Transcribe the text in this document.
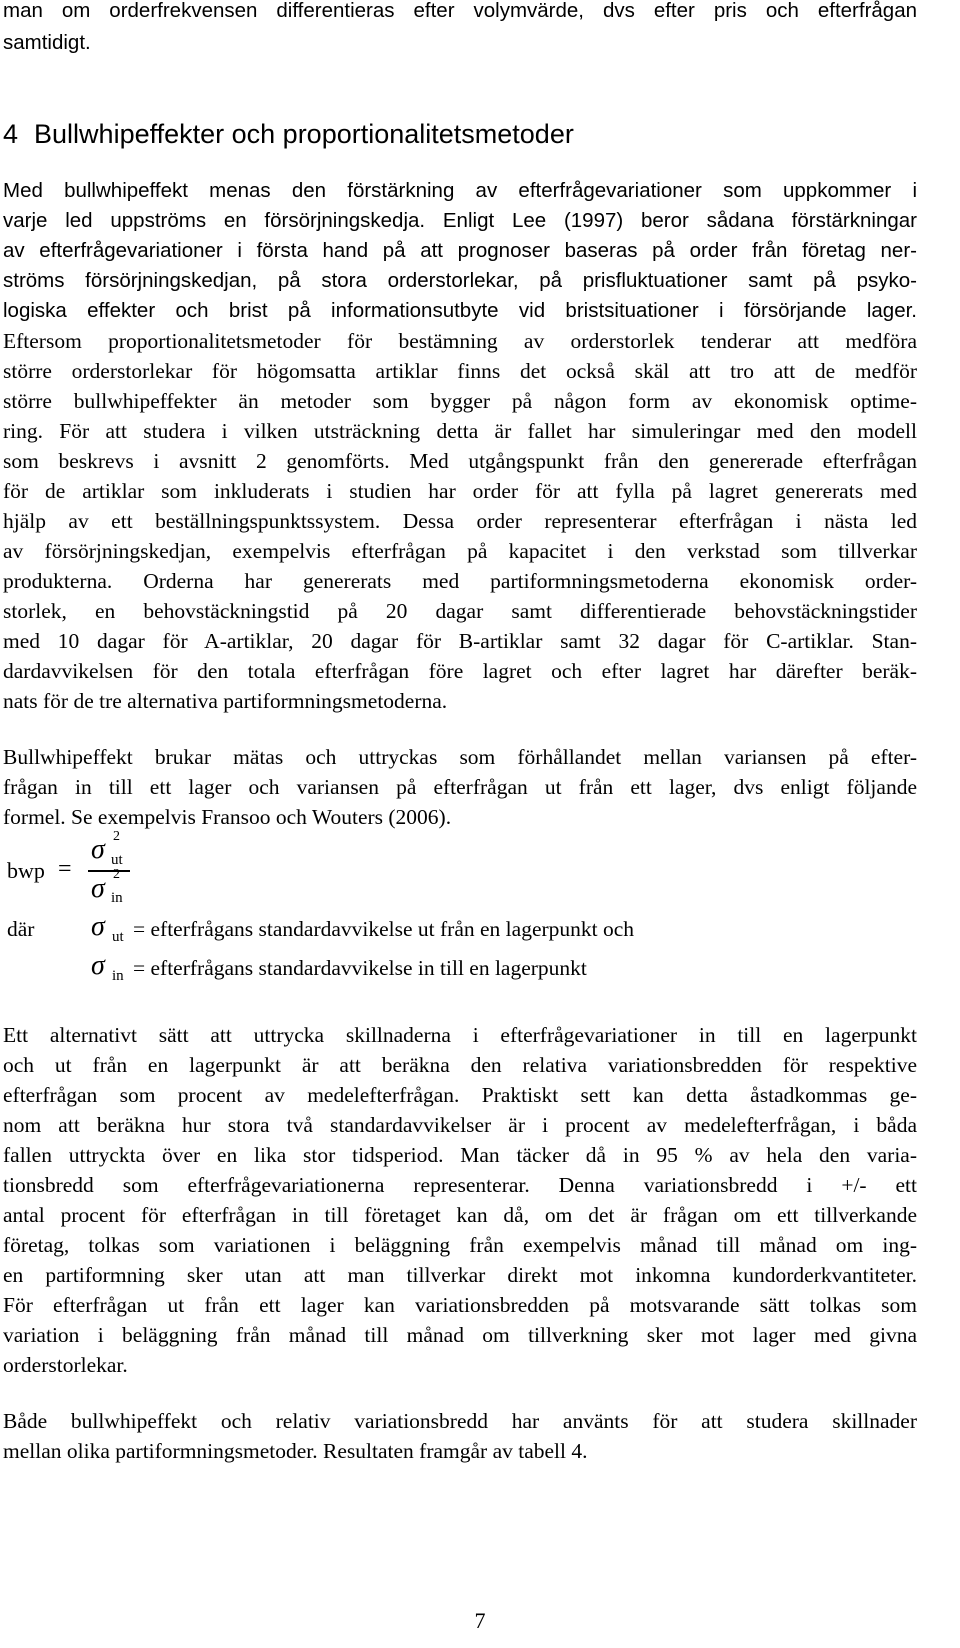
man om orderfrekvensen differentieras efter volymvärde, dvs efter pris och efterfrågan
samtidigt.
4 Bullwhipeffekter och proportionalitetsmetoder
Med bullwhipeffekt menas den förstärkning av efterfrågevariationer som uppkommer i
varje led uppströms en försörjningskedja. Enligt Lee (1997) beror sådana förstärkningar
av efterfrågevariationer i första hand på att prognoser baseras på order från företag ner-
ströms försörjningskedjan, på stora orderstorlekar, på prisfluktuationer samt på psyko-
logiska effekter och brist på informationsutbyte vid bristsituationer i försörjande lager.
Eftersom proportionalitetsmetoder för bestämning av orderstorlek tenderar att medföra
större orderstorlekar för högomsatta artiklar finns det också skäl att tro att de medför
större bullwhipeffekter än metoder som bygger på någon form av ekonomisk optime-
ring. För att studera i vilken utsträckning detta är fallet har simuleringar med den modell
som beskrevs i avsnitt 2 genomförts. Med utgångspunkt från den genererade efterfrågan
för de artiklar som inkluderats i studien har order för att fylla på lagret genererats med
hjälp av ett beställningspunktssystem. Dessa order representerar efterfrågan i nästa led
av försörjningskedjan, exempelvis efterfrågan på kapacitet i den verkstad som tillverkar
produkterna. Orderna har genererats med partiformningsmetoderna ekonomisk order-
storlek, en behovstäckningstid på 20 dagar samt differentierade behovstäckningstider
med 10 dagar för A-artiklar, 20 dagar för B-artiklar samt 32 dagar för C-artiklar. Stan-
dardavvikelsen för den totala efterfrågan före lagret och efter lagret har därefter beräk-
nats för de tre alternativa partiformningsmetoderna.
Bullwhipeffekt brukar mätas och uttryckas som förhållandet mellan variansen på efter-
frågan in till ett lager och variansen på efterfrågan ut från ett lager, dvs enligt följande
formel. Se exempelvis Fransoo och Wouters (2006).
bwp =
σ ut
2
σ in
2
där σ ut = efterfrågans standardavvikelse ut från en lagerpunkt och
σ in = efterfrågans standardavvikelse in till en lagerpunkt
Ett alternativt sätt att uttrycka skillnaderna i efterfrågevariationer in till en lagerpunkt
och ut från en lagerpunkt är att beräkna den relativa variationsbredden för respektive
efterfrågan som procent av medelefterfrågan. Praktiskt sett kan detta åstadkommas ge-
nom att beräkna hur stora två standardavvikelser är i procent av medelefterfrågan, i båda
fallen uttryckta över en lika stor tidsperiod. Man täcker då in 95 % av hela den varia-
tionsbredd som efterfrågevariationerna representerar. Denna variationsbredd i +/- ett
antal procent för efterfrågan in till företaget kan då, om det är frågan om ett tillverkande
företag, tolkas som variationen i beläggning från exempelvis månad till månad om ing-
en partiformning sker utan att man tillverkar direkt mot inkomna kundorderkvantiteter.
För efterfrågan ut från ett lager kan variationsbredden på motsvarande sätt tolkas som
variation i beläggning från månad till månad om tillverkning sker mot lager med givna
orderstorlekar.
Både bullwhipeffekt och relativ variationsbredd har använts för att studera skillnader
mellan olika partiformningsmetoder. Resultaten framgår av tabell 4.
7
